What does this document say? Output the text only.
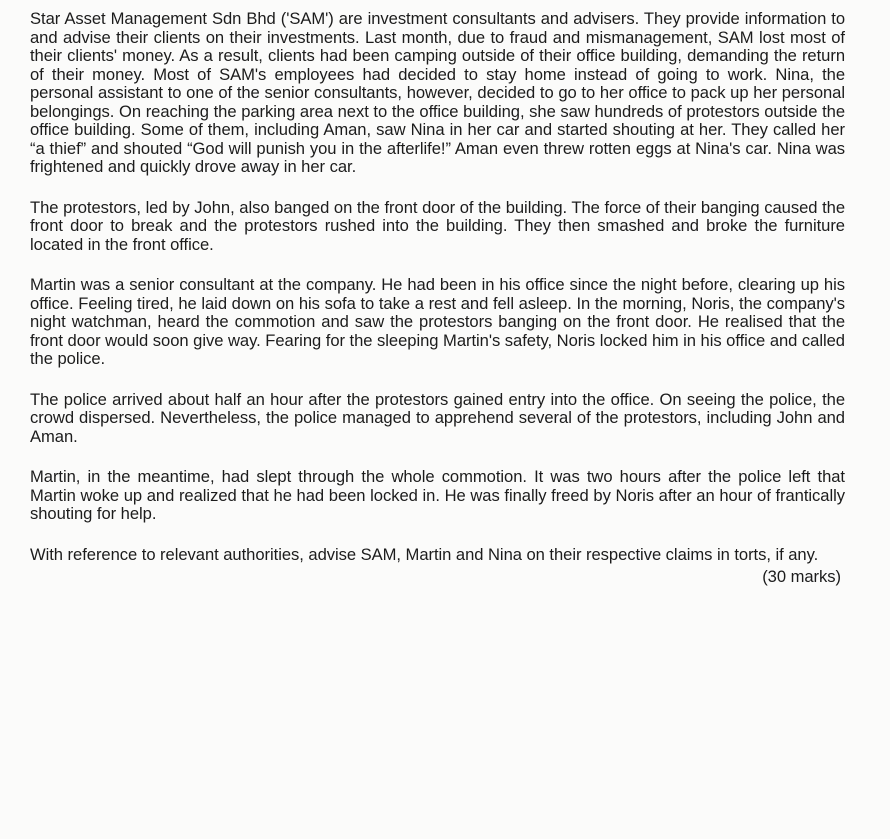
Star Asset Management Sdn Bhd ('SAM') are investment consultants and advisers. They provide information to and advise their clients on their investments. Last month, due to fraud and mismanagement, SAM lost most of their clients' money. As a result, clients had been camping outside of their office building, demanding the return of their money. Most of SAM's employees had decided to stay home instead of going to work. Nina, the personal assistant to one of the senior consultants, however, decided to go to her office to pack up her personal belongings. On reaching the parking area next to the office building, she saw hundreds of protestors outside the office building. Some of them, including Aman, saw Nina in her car and started shouting at her. They called her “a thief” and shouted “God will punish you in the afterlife!” Aman even threw rotten eggs at Nina's car. Nina was frightened and quickly drove away in her car.

The protestors, led by John, also banged on the front door of the building. The force of their banging caused the front door to break and the protestors rushed into the building. They then smashed and broke the furniture located in the front office.

Martin was a senior consultant at the company. He had been in his office since the night before, clearing up his office. Feeling tired, he laid down on his sofa to take a rest and fell asleep. In the morning, Noris, the company's night watchman, heard the commotion and saw the protestors banging on the front door. He realised that the front door would soon give way. Fearing for the sleeping Martin's safety, Noris locked him in his office and called the police.

The police arrived about half an hour after the protestors gained entry into the office. On seeing the police, the crowd dispersed. Nevertheless, the police managed to apprehend several of the protestors, including John and Aman.

Martin, in the meantime, had slept through the whole commotion. It was two hours after the police left that Martin woke up and realized that he had been locked in. He was finally freed by Noris after an hour of frantically shouting for help.

With reference to relevant authorities, advise SAM, Martin and Nina on their respective claims in torts, if any.

(30 marks)
